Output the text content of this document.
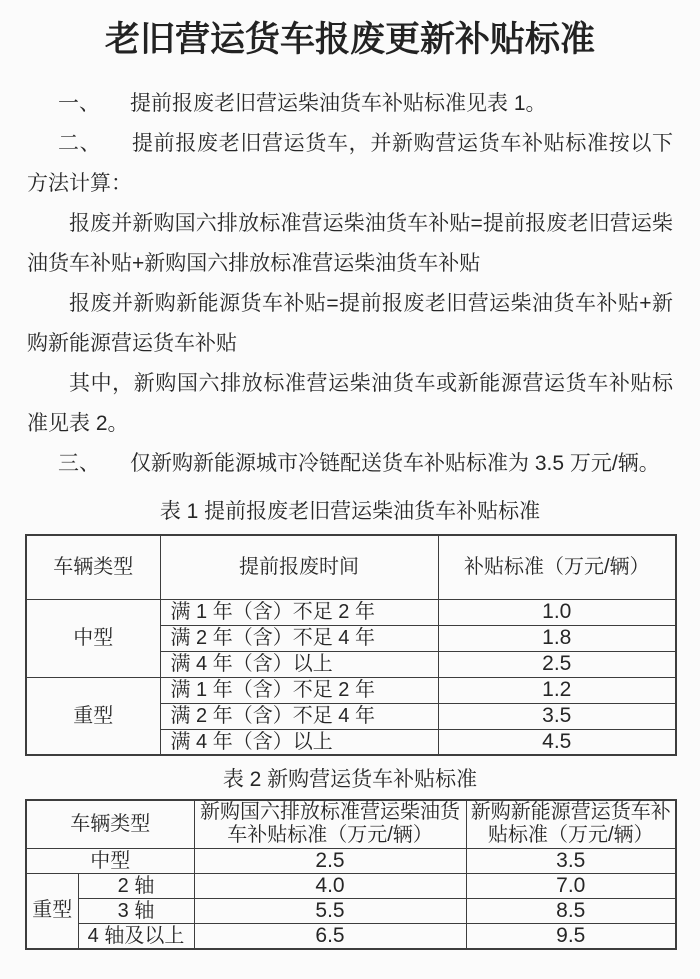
老旧营运货车报废更新补贴标准

一、 提前报废老旧营运柴油货车补贴标准见表 1。

二、 提前报废老旧营运货车，并新购营运货车补贴标准按以下方法计算：

报废并新购国六排放标准营运柴油货车补贴=提前报废老旧营运柴油货车补贴+新购国六排放标准营运柴油货车补贴

报废并新购新能源货车补贴=提前报废老旧营运柴油货车补贴+新购新能源营运货车补贴

其中，新购国六排放标准营运柴油货车或新能源营运货车补贴标准见表 2。

三、 仅新购新能源城市冷链配送货车补贴标准为 3.5 万元/辆。

表 1 提前报废老旧营运柴油货车补贴标准
车辆类型	提前报废时间	补贴标准（万元/辆）
中型	满 1 年（含）不足 2 年	1.0
	满 2 年（含）不足 4 年	1.8
	满 4 年（含）以上	2.5
重型	满 1 年（含）不足 2 年	1.2
	满 2 年（含）不足 4 年	3.5
	满 4 年（含）以上	4.5
表 2 新购营运货车补贴标准
车辆类型		新购国六排放标准营运柴油货车补贴标准（万元/辆）	新购新能源营运货车补贴标准（万元/辆）
中型		2.5	3.5
重型	2 轴	4.0	7.0
	3 轴	5.5	8.5
	4 轴及以上	6.5	9.5
